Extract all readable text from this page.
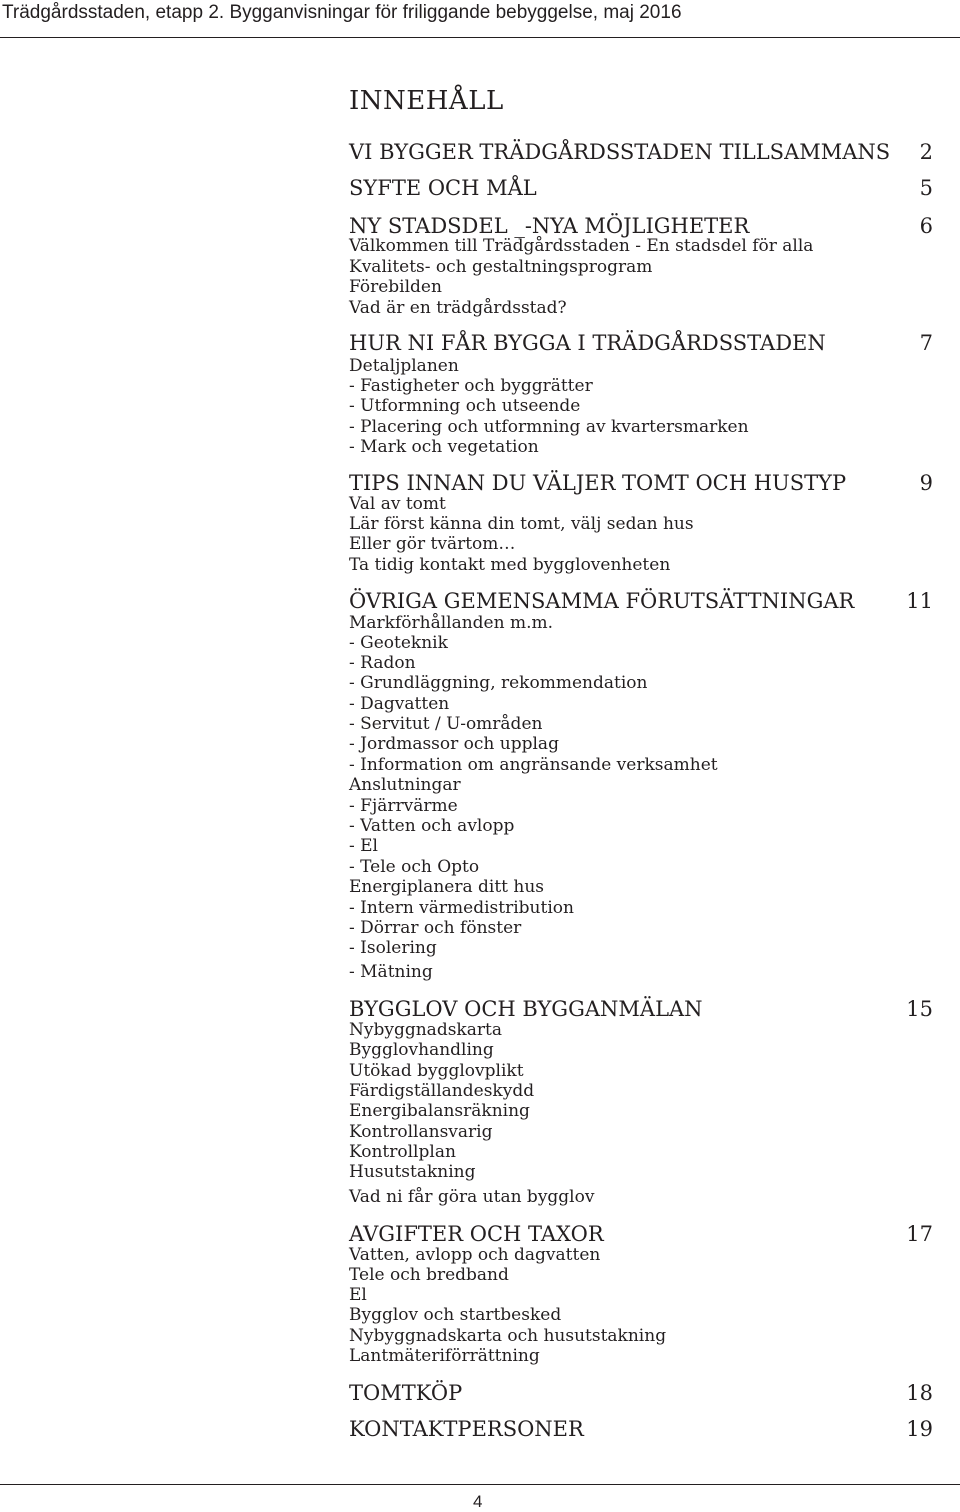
Trädgårdsstaden, etapp 2. Bygganvisningar för friliggande bebyggelse, maj 2016
INNEHÅLL
VI BYGGER TRÄDGÅRDSSTADEN TILLSAMMANS 2
SYFTE OCH MÅL	5
NY STADSDEL _-NYA MÖJLIGHETER	6
Välkommen till Trädgårdsstaden - En stadsdel för alla
Kvalitets- och gestaltningsprogram
Förebilden
Vad är en trädgårdsstad?
HUR NI FÅR BYGGA I TRÄDGÅRDSSTADEN	7
Detaljplanen
- Fastigheter och byggrätter
- Utformning och utseende
- Placering och utformning av kvartersmarken
- Mark och vegetation
TIPS INNAN DU VÄLJER TOMT OCH HUSTYP	9
Val av tomt
Lär först känna din tomt, välj sedan hus
Eller gör tvärtom…
Ta tidig kontakt med bygglovenheten
ÖVRIGA GEMENSAMMA FÖRUTSÄTTNINGAR 11
Markförhållanden m.m.
- Geoteknik
- Radon
- Grundläggning, rekommendation
- Dagvatten
- Servitut / U-områden
- Jordmassor och upplag
- Information om angränsande verksamhet
Anslutningar
- Fjärrvärme
- Vatten och avlopp
- El
- Tele och Opto
Energiplanera ditt hus
- Intern värmedistribution
- Dörrar och fönster
- Isolering
- Mätning
BYGGLOV OCH BYGGANMÄLAN	15
Nybyggnadskarta
Bygglovhandling
Utökad bygglovplikt
Färdigställandeskydd
Energibalansräkning
Kontrollansvarig
Kontrollplan
Husutstakning
Vad ni får göra utan bygglov
AVGIFTER OCH TAXOR	17
Vatten, avlopp och dagvatten
Tele och bredband
El
Bygglov och startbesked
Nybyggnadskarta och husutstakning
Lantmäteriförrättning
TOMTKÖP	18
KONTAKTPERSONER	19
4
